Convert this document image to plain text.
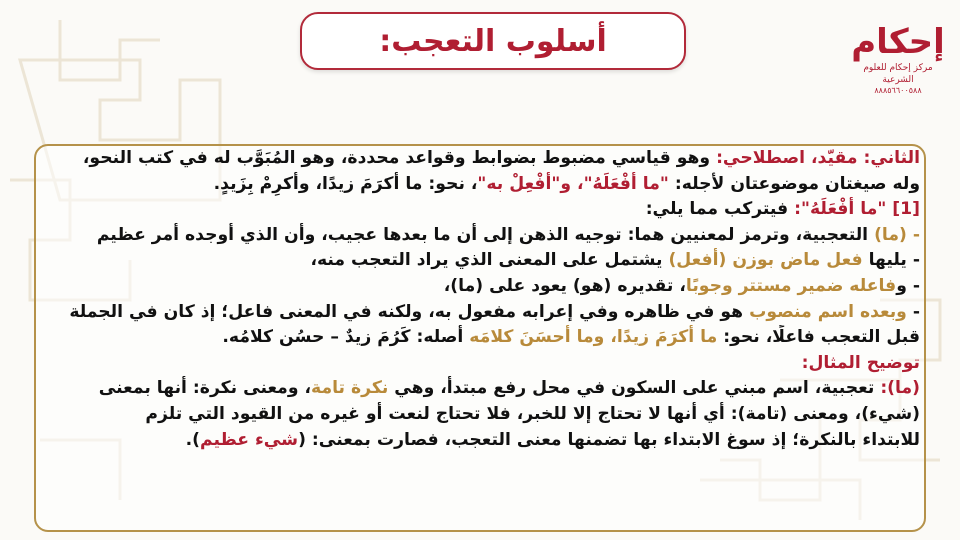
أسلوب التعجب:	إحكام
مركز إحكام للعلوم الشرعية
٨٨٨٥٦٦٠٠٥٨٨
الثاني: مقيّد، اصطلاحي: وهو قياسي مضبوط بضوابط وقواعد محددة، وهو المُبَوَّب له في كتب النحو،
وله صيغتان موضوعتان لأجله: "ما أَفْعَلَهُ"، و"أَفْعِلْ به"، نحو: ما أَكرَمَ زيدًا، وأَكرِمْ بِزَيدٍ.
[1] "ما أَفْعَلَهُ": فيتركب مما يلي:
- (ما) التعجبية، وترمز لمعنيين هما: توجيه الذهن إلى أن ما بعدها عجيب، وأن الذي أوجده أمر عظيم
- يليها فعل ماض بوزن (أفعل) يشتمل على المعنى الذي يراد التعجب منه،
- وفاعله ضمير مستتر وجوبًا، تقديره (هو) يعود على (ما)،
- وبعده اسم منصوب هو في ظاهره وفي إعرابه مفعول به، ولكنه في المعنى فاعل؛ إذ كان في الجملة
قبل التعجب فاعلًا، نحو: ما أَكرَمَ زيدًا، وما أَحسَنَ كلامَه أصله: كَرُمَ زيدٌ – حسُن كلامُه.
توضيح المثال:
(ما): تعجبية، اسم مبني على السكون في محل رفع مبتدأ، وهي نكرة تامة، ومعنى نكرة: أنها بمعنى
(شيء)، ومعنى (تامة): أي أنها لا تحتاج إلا للخبر، فلا تحتاج لنعت أو غيره من القيود التي تلزم
للابتداء بالنكرة؛ إذ سوغ الابتداء بها تضمنها معنى التعجب، فصارت بمعنى: (شيء عظيم).
